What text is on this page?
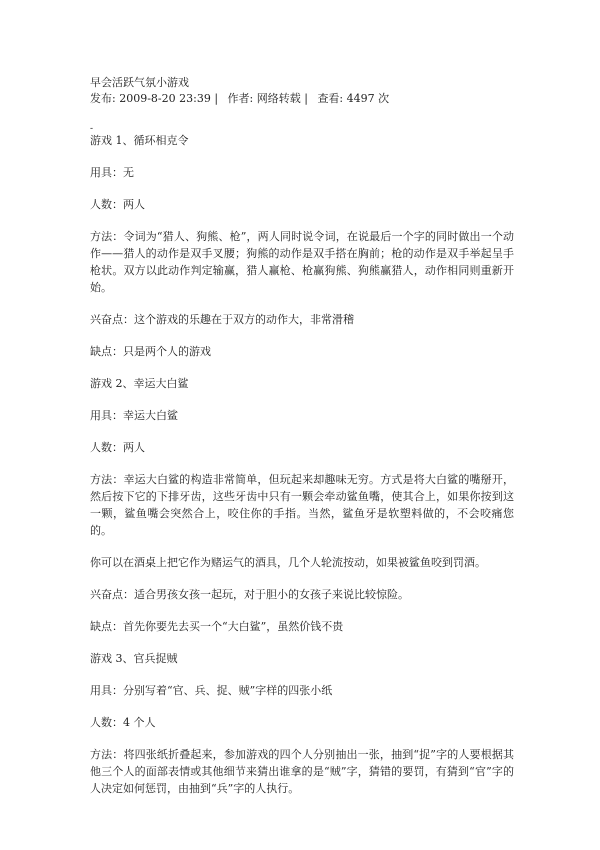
早会活跃气氛小游戏
发布: 2009-8-20 23:39 | 作者: 网络转载 | 查看: 4497 次
-

游戏 1、循环相克令

用具：无

人数：两人

方法：令词为“猎人、狗熊、枪”，两人同时说令词，在说最后一个字的同时做出一个动作——猎人的动作是双手叉腰；狗熊的动作是双手搭在胸前；枪的动作是双手举起呈手枪状。双方以此动作判定输赢，猎人赢枪、枪赢狗熊、狗熊赢猎人，动作相同则重新开始。

兴奋点：这个游戏的乐趣在于双方的动作大，非常滑稽

缺点：只是两个人的游戏

游戏 2、幸运大白鲨

用具：幸运大白鲨

人数：两人

方法：幸运大白鲨的构造非常简单，但玩起来却趣味无穷。方式是将大白鲨的嘴掰开，然后按下它的下排牙齿，这些牙齿中只有一颗会牵动鲨鱼嘴，使其合上，如果你按到这一颗，鲨鱼嘴会突然合上，咬住你的手指。当然，鲨鱼牙是软塑料做的，不会咬痛您的。

你可以在酒桌上把它作为赌运气的酒具，几个人轮流按动，如果被鲨鱼咬到罚酒。

兴奋点：适合男孩女孩一起玩，对于胆小的女孩子来说比较惊险。

缺点：首先你要先去买一个“大白鲨”，虽然价钱不贵

游戏 3、官兵捉贼

用具：分别写着“官、兵、捉、贼”字样的四张小纸

人数：4 个人

方法：将四张纸折叠起来，参加游戏的四个人分别抽出一张，抽到“捉”字的人要根据其他三个人的面部表情或其他细节来猜出谁拿的是“贼”字，猜错的要罚，有猜到“官”字的人决定如何惩罚，由抽到“兵”字的人执行。
